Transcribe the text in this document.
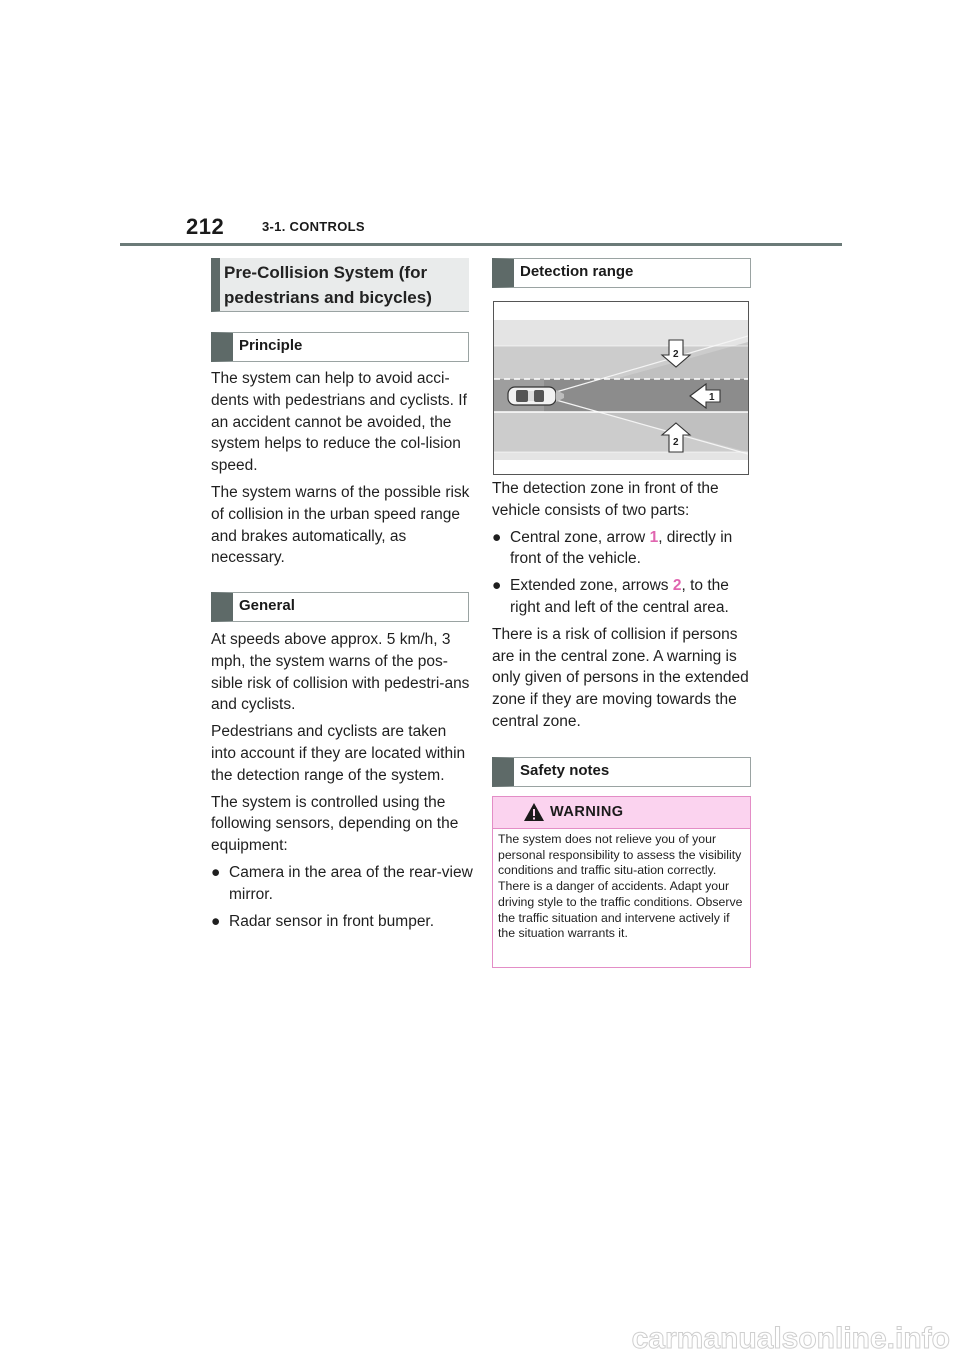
212	3-1. CONTROLS
Pre-Collision System (for pedestrians and bicycles)
Principle

The system can help to avoid acci-dents with pedestrians and cyclists. If an accident cannot be avoided, the system helps to reduce the col-lision speed.

The system warns of the possible risk of collision in the urban speed range and brakes automatically, as necessary.

General

At speeds above approx. 5 km/h, 3 mph, the system warns of the pos-sible risk of collision with pedestri-ans and cyclists.

Pedestrians and cyclists are taken into account if they are located within the detection range of the system.

The system is controlled using the following sensors, depending on the equipment:

● Camera in the area of the rear-view mirror.
● Radar sensor in front bumper.
Detection range
1
2
2

The detection zone in front of the vehicle consists of two parts:

● Central zone, arrow 1, directly in front of the vehicle.
● Extended zone, arrows 2, to the right and left of the central area.

There is a risk of collision if persons are in the central zone. A warning is only given of persons in the extended zone if they are moving towards the central zone.

Safety notes
WARNING
The system does not relieve you of your personal responsibility to assess the visibility conditions and traffic situ-ation correctly. There is a danger of accidents. Adapt your driving style to the traffic conditions. Observe the traffic situation and intervene actively if the situation warrants it.
carmanualsonline.info
